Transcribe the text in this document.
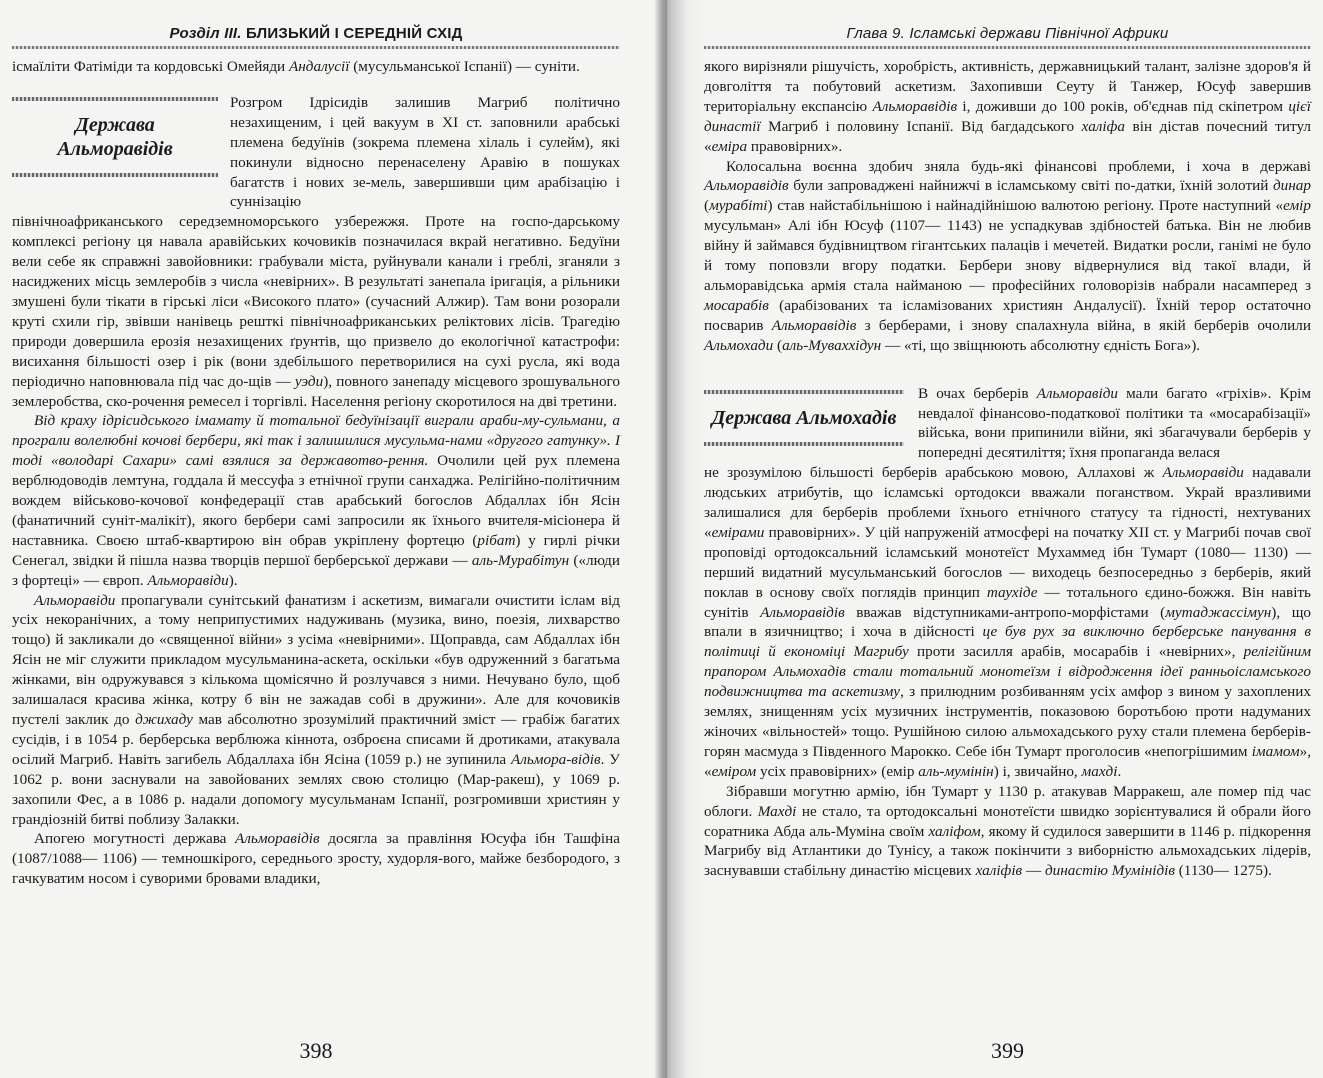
Розділ ІІІ. БЛИЗЬКИЙ І СЕРЕДНІЙ СХІД

ісмаїліти Фатіміди та кордовські Омейяди Андалусії (мусульманської Іспанії) — суніти.

Держава
Альморавідів

Розгром Ідрісидів залишив Магриб політично незахищеним, і цей вакуум в XI ст. заповнили арабські племена бедуїнів (зокрема племена хілаль і сулейм), які покинули відносно перенаселену Аравію в пошуках багатств і нових зе-мель, завершивши цим арабізацію і суннізацію

північноафриканського середземноморського узбережжя. Проте на госпо-дарському комплексі регіону ця навала аравійських кочовиків позначилася вкрай негативно. Бедуїни вели себе як справжні завойовники: грабували міста, руйнували канали і греблі, зганяли з насиджених місць землеробів з числа «невірних». В результаті занепала іригація, а рільники змушені були тікати в гірські ліси «Високого плато» (сучасний Алжир). Там вони розорали круті схили гір, звівши нанівець решткі північноафриканських реліктових лісів. Трагедію природи довершила ерозія незахищених ґрунтів, що призвело до екологічної катастрофи: висихання більшості озер і рік (вони здебільшого перетворилися на сухі русла, які вода періодично наповнювала під час до-щів — уэди), повного занепаду місцевого зрошувального землеробства, ско-рочення ремесел і торгівлі. Населення регіону скоротилося на дві третини.

Від краху ідрісидського імамату й тотальної бедуїнізації виграли араби-му-сульмани, а програли волелюбні кочові бербери, які так і залишилися мусульма-нами «другого гатунку». І тоді «володарі Сахари» самі взялися за державотво-рення. Очолили цей рух племена верблюдоводів лемтуна, годдала й мессуфа з етнічної групи санхаджа. Релігійно-політичним вождем військово-кочової конфедерації став арабський богослов Абдаллах ібн Ясін (фанатичний суніт-малікіт), якого бербери самі запросили як їхнього вчителя-місіонера й наставника. Своєю штаб-квартирою він обрав укріплену фортецю (рібат) у гирлі річки Сенегал, звідки й пішла назва творців першої берберської держави — аль-Мурабітун («люди з фортеці» — європ. Альморавіди).

Альморавіди пропагували сунітський фанатизм і аскетизм, вимагали очистити іслам від усіх некоранічних, а тому неприпустимих надуживань (музика, вино, поезія, лихварство тощо) й закликали до «священної війни» з усіма «невірними». Щоправда, сам Абдаллах ібн Ясін не міг служити прикладом мусульманина-аскета, оскільки «був одруженний з багатьма жінками, він одружувався з кількома щомісячно й розлучався з ними. Нечувано було, щоб залишалася красива жінка, котру б він не зажадав собі в дружини». Але для кочовиків пустелі заклик до джихаду мав абсолютно зрозумілий практичний зміст — грабіж багатих сусідів, і в 1054 р. берберська верблюжа кіннота, озброєна списами й дротиками, атакувала осілий Магриб. Навіть загибель Абдаллаха ібн Ясіна (1059 р.) не зупинила Альмора-відів. У 1062 р. вони заснували на завойованих землях свою столицю (Мар-ракеш), у 1069 р. захопили Фес, а в 1086 р. надали допомогу мусульманам Іспанії, розгромивши християн у грандіозній битві поблизу Залакки.

Апогею могутності держава Альморавідів досягла за правління Юсуфа ібн Ташфіна (1087/1088— 1106) — темношкірого, середнього зросту, худорля-вого, майже безбородого, з гачкуватим носом і суворими бровами владики,

398
Глава 9. Ісламські держави Північної Африки

якого вирізняли рішучість, хоробрість, активність, державницький талант, залізне здоров'я й довголіття та побутовий аскетизм. Захопивши Сеуту й Танжер, Юсуф завершив територіальну експансію Альморавідів і, доживши до 100 років, об'єднав під скіпетром цієї династії Магриб і половину Іспанії. Від багдадського халіфа він дістав почесний титул «еміра правовірних».

Колосальна воєнна здобич зняла будь-які фінансові проблеми, і хоча в державі Альморавідів були запроваджені найнижчі в ісламському світі по-датки, їхній золотий динар (мурабіті) став найстабільнішою і найнадійнішою валютою регіону. Проте наступний «емір мусульман» Алі ібн Юсуф (1107— 1143) не успадкував здібностей батька. Він не любив війну й займався будівництвом гігантських палаців і мечетей. Видатки росли, ганімі не було й тому поповзли вгору податки. Бербери знову відвернулися від такої влади, й альморавідська армія стала найманою — професійних головорізів набрали насамперед з мосарабів (арабізованих та ісламізованих християн Андалусії). Їхній терор остаточно посварив Альморавідів з берберами, і знову спалахнула війна, в якій берберів очолили Альмохади (аль-Мувахxідун — «ті, що звіщнюють абсолютну єдність Бога»).

Держава Альмохадів

В очах берберів Альморавіди мали багато «гріхів». Крім невдалої фінансово-податкової політики та «мосарабізації» війська, вони припинили війни, які збагачували берберів у попередні десятиліття; їхня пропаганда велася

не зрозумілою більшості берберів арабською мовою, Аллахові ж Альморавіди надавали людських атрибутів, що ісламські ортодокси вважали поганством. Украй вразливими залишалися для берберів проблеми їхнього етнічного статусу та гідності, нехтуваних «емірами правовірних». У цій напруженій атмосфері на початку XII ст. у Магрибі почав свої проповіді ортодоксальний ісламський монотеїст Мухаммед ібн Тумарт (1080— 1130) — перший видатний мусульманський богослов — виходець безпосередньо з берберів, який поклав в основу своїх поглядів принцип таухіде — тотального єдино-божжя. Він навіть сунітів Альморавідів вважав відступниками-антропо-морфістами (мутаджассімун), що впали в язичництво; і хоча в дійсності це був рух за виключно берберське панування в політиці й економіці Магрибу проти засилля арабів, мосарабів і «невірних», релігійним прапором Альмохадів стали тотальний монотеїзм і відродження ідеї ранньоісламського подвижництва та аскетизму, з прилюдним розбиванням усіх амфор з вином у захоплених землях, знищенням усіх музичних інструментів, показовою боротьбою проти надуманих жіночих «вільностей» тощо. Рушійною силою альмохадського руху стали племена берберів-горян масмуда з Південного Марокко. Себе ібн Тумарт проголосив «непогрішимим імамом», «еміром усіх правовірних» (емір аль-мумінін) і, звичайно, махді.

Зібравши могутню армію, ібн Тумарт у 1130 р. атакував Марракеш, але помер під час облоги. Махді не стало, та ортодоксальні монотеїсти швидко зорієнтувалися й обрали його соратника Абда аль-Мумінa своїм халіфом, якому й судилося завершити в 1146 р. підкорення Магрибу від Атлантики до Тунісу, а також покінчити з виборністю альмохадських лідерів, заснувавши стабільну династію місцевих халіфів — династію Мумінідів (1130— 1275).

399
